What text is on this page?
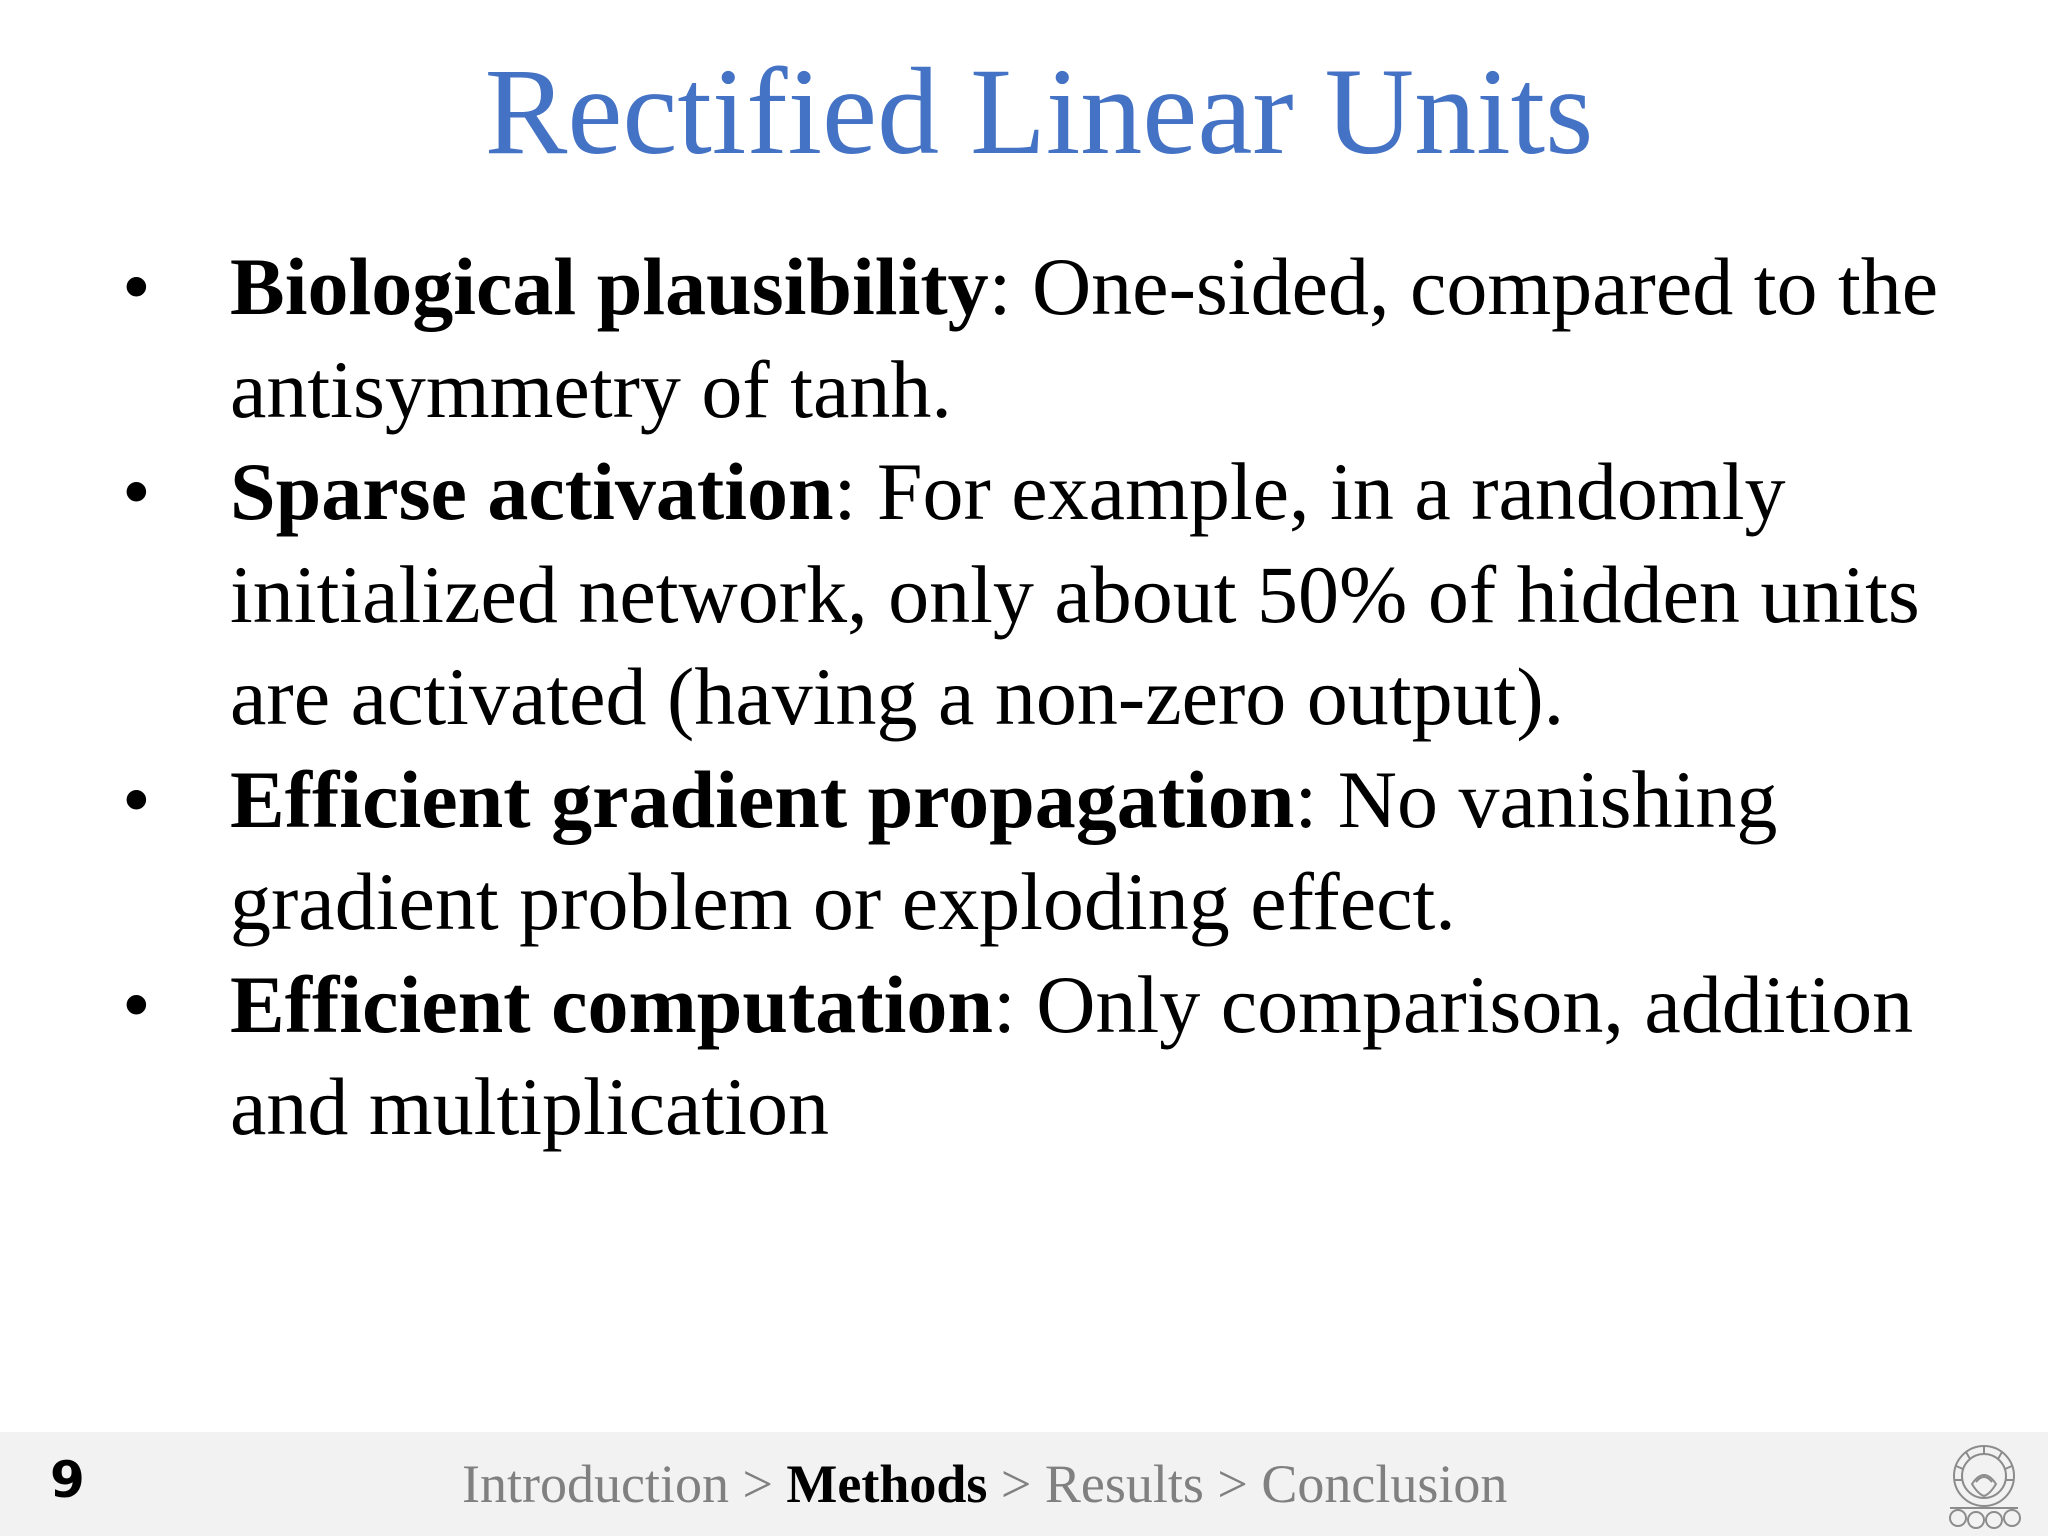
Rectified Linear Units
• Biological plausibility: One-sided, compared to the antisymmetry of tanh.
• Sparse activation: For example, in a randomly initialized network, only about 50% of hidden units are activated (having a non-zero output).
• Efficient gradient propagation: No vanishing gradient problem or exploding effect.
• Efficient computation: Only comparison, addition and multiplication
9	Introduction > Methods > Results > Conclusion
